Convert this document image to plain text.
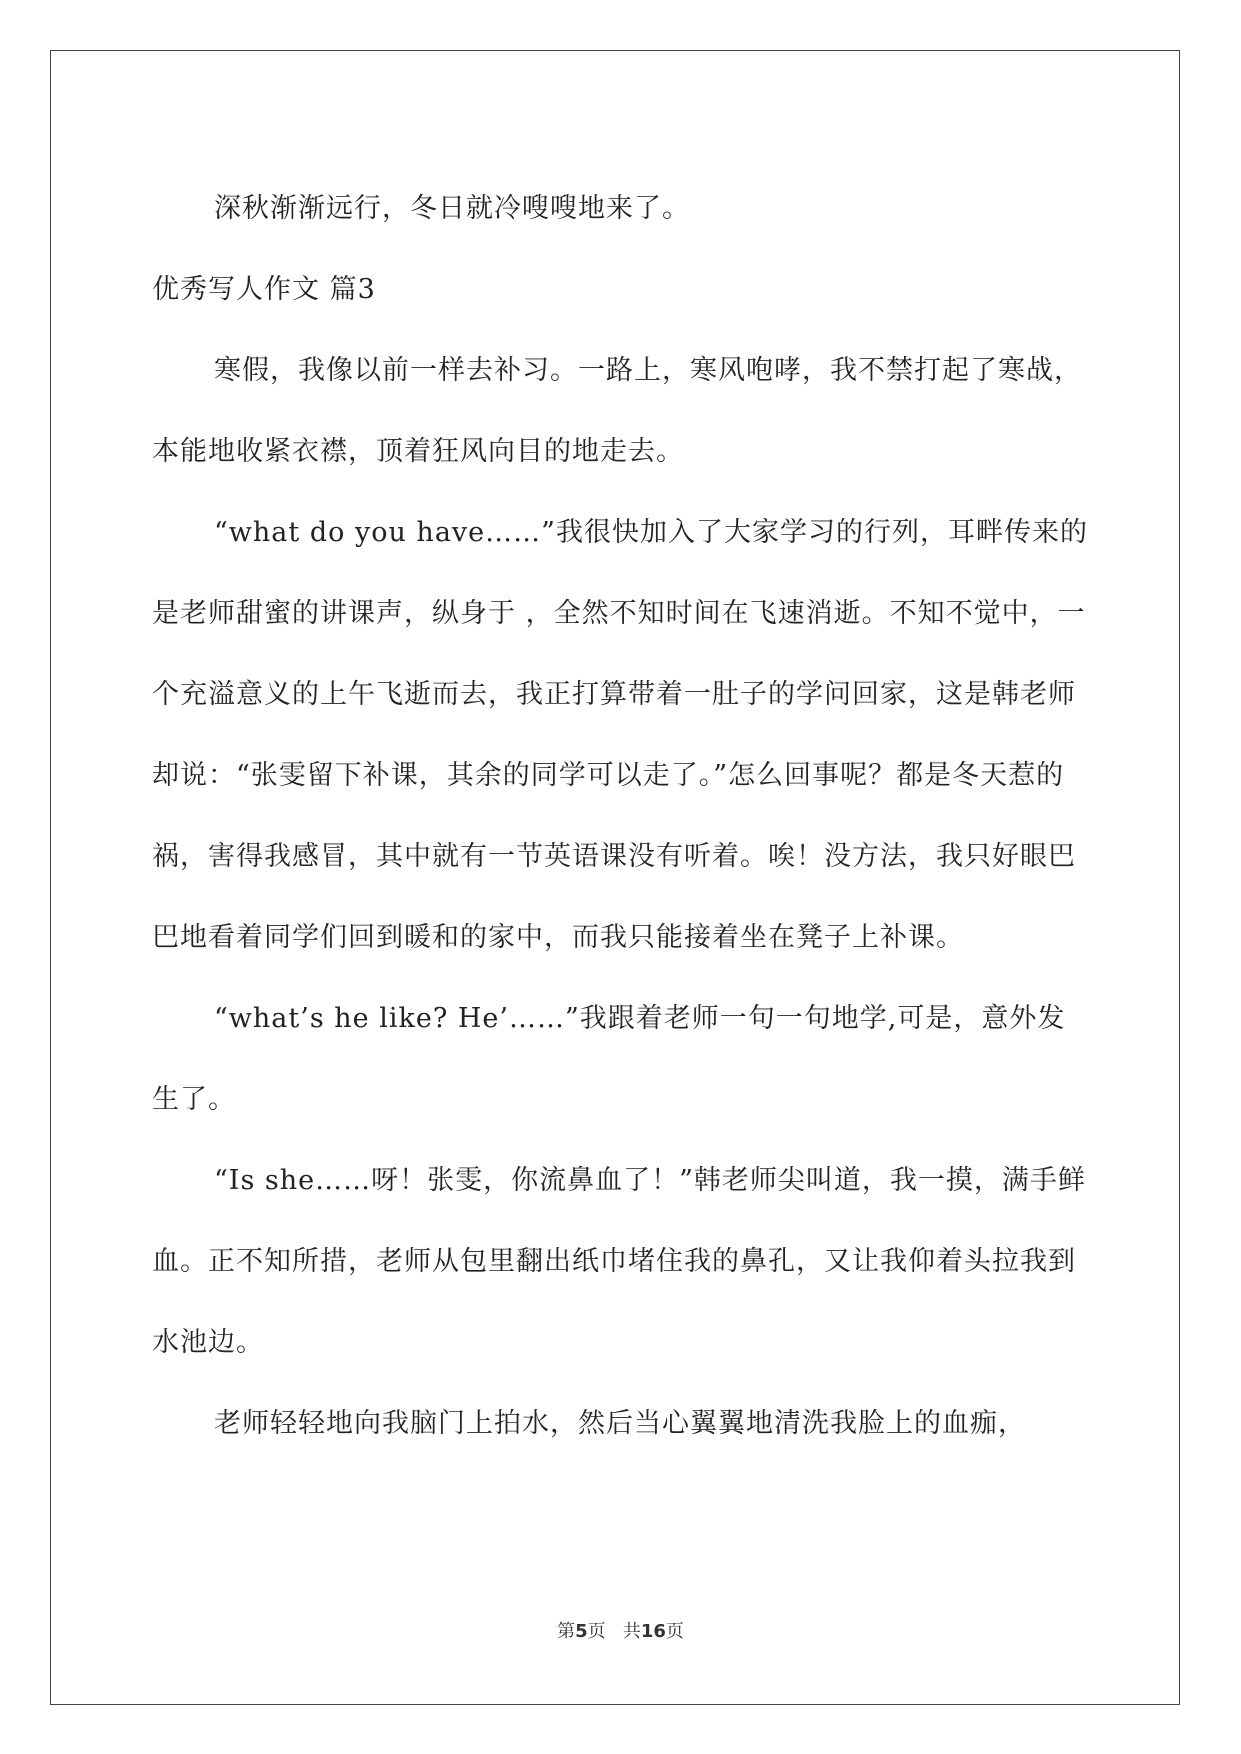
深秋渐渐远行，冬日就冷嗖嗖地来了。

优秀写人作文 篇3

寒假，我像以前一样去补习。一路上，寒风咆哮，我不禁打起了寒战，本能地收紧衣襟，顶着狂风向目的地走去。

“what do you have……”我很快加入了大家学习的行列，耳畔传来的是老师甜蜜的讲课声，纵身于 ，全然不知时间在飞速消逝。不知不觉中，一个充溢意义的上午飞逝而去，我正打算带着一肚子的学问回家，这是韩老师却说：“张雯留下补课，其余的同学可以走了。”怎么回事呢？都是冬天惹的祸，害得我感冒，其中就有一节英语课没有听着。唉！没方法，我只好眼巴巴地看着同学们回到暖和的家中，而我只能接着坐在凳子上补课。

“what’s he like? He’……”我跟着老师一句一句地学,可是，意外发生了。

“Is she……呀！张雯，你流鼻血了！”韩老师尖叫道，我一摸，满手鲜血。正不知所措，老师从包里翻出纸巾堵住我的鼻孔，又让我仰着头拉我到水池边。

老师轻轻地向我脑门上拍水，然后当心翼翼地清洗我脸上的血痂，

第5页 共16页
